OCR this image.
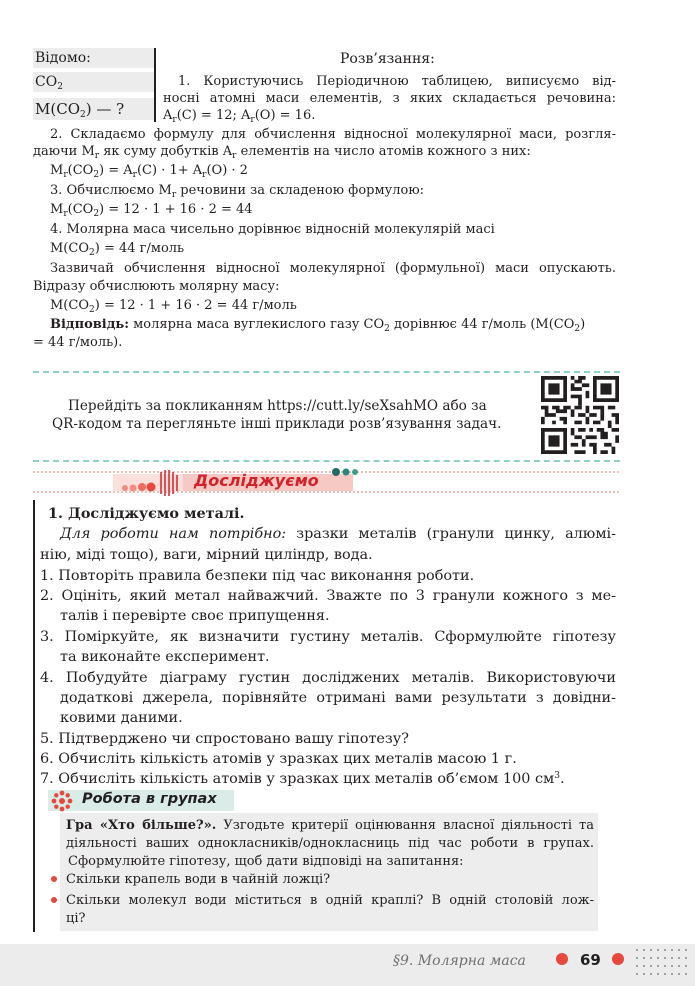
Відомо:
$CO_2$
$M(CO_2)$ — ?
Розв’язання:
1. Користуючись Періодичною таблицею, виписуємо від-
носні атомні маси елементів, з яких складається речовина:
$A_r(C) = 12$; $A_r(O) = 16$.
2. Складаємо формулу для обчислення відносної молекулярної маси, розгля-
даючи $M_r$ як суму добутків $A_r$ елементів на число атомів кожного з них:
$M_r(CO_2) = A_r(C) \cdot 1+ A_r(O) \cdot 2$
3. Обчислюємо $M_r$ речовини за складеною формулою:
$M_r(CO_2) = 12 \cdot 1 + 16 \cdot 2 = 44$
4. Молярна маса чисельно дорівнює відносній молекулярій масі
$M(CO_2) = 44$ г/моль
Зазвичай обчислення відносної молекулярної (формульної) маси опускають.
Відразу обчислюють молярну масу:
$M(CO_2) = 12 \cdot 1 + 16 \cdot 2 = 44$ г/моль
Відповідь: молярна маса вуглекислого газу $CO_2$ дорівнює 44 г/моль ($M(CO_2)$
= 44 г/моль).
Перейдіть за покликанням https://cutt.ly/seXsahMO або за
QR-кодом та перегляньте інші приклади розв’язування задач.
Досліджуємо
1. Досліджуємо металі.
Для роботи нам потрібно: зразки металів (гранули цинку, алюмі-
нію, міді тощо), ваги, мірний циліндр, вода.
1. Повторіть правила безпеки під час виконання роботи.
2. Оцініть, який метал найважчий. Зважте по 3 гранули кожного з ме-
талів і перевірте своє припущення.
3. Поміркуйте, як визначити густину металів. Сформулюйте гіпотезу
та виконайте експеримент.
4. Побудуйте діаграму густин досліджених металів. Використовуючи
додаткові джерела, порівняйте отримані вами результати з довідни-
ковими даними.
5. Підтверджено чи спростовано вашу гіпотезу?
6. Обчисліть кількість атомів у зразках цих металів масою 1 г.
7. Обчисліть кількість атомів у зразках цих металів об’ємом 100 $см^3$.
Робота в групах
Гра «Хто більше?». Узгодьте критерії оцінювання власної діяльності та
діяльності ваших однокласників/однокласниць під час роботи в групах.
Сформулюйте гіпотезу, щоб дати відповіді на запитання:
Скільки крапель води в чайній ложці?
Скільки молекул води міститься в одній краплі? В одній столовій лож-
ці?
§9. Молярна маса	69
